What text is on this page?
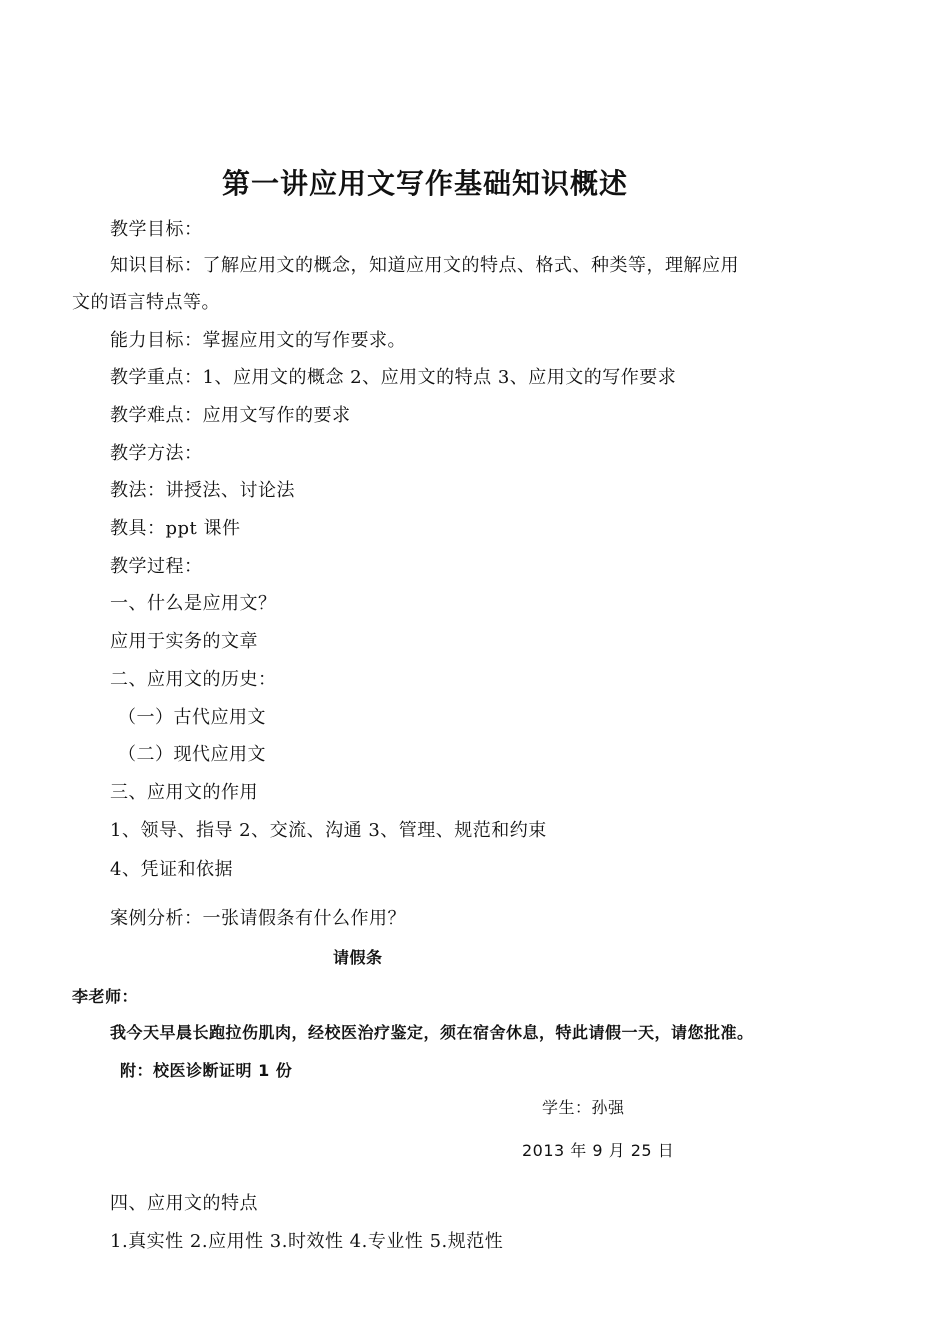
第一讲应用文写作基础知识概述
教学目标：
知识目标：了解应用文的概念，知道应用文的特点、格式、种类等，理解应用
文的语言特点等。
能力目标：掌握应用文的写作要求。
教学重点：1、应用文的概念 2、应用文的特点 3、应用文的写作要求
教学难点：应用文写作的要求
教学方法：
教法：讲授法、讨论法
教具：ppt 课件
教学过程：
一、什么是应用文？
应用于实务的文章
二、应用文的历史：
（一）古代应用文
（二）现代应用文
三、应用文的作用
1、领导、指导 2、交流、沟通 3、管理、规范和约束
4、凭证和依据
案例分析：一张请假条有什么作用？
请假条
李老师：
我今天早晨长跑拉伤肌肉，经校医治疗鉴定，须在宿舍休息，特此请假一天，请您批准。
附：校医诊断证明 1 份
学生：孙强
2013 年 9 月 25 日
四、应用文的特点
1.真实性 2.应用性 3.时效性 4.专业性 5.规范性
